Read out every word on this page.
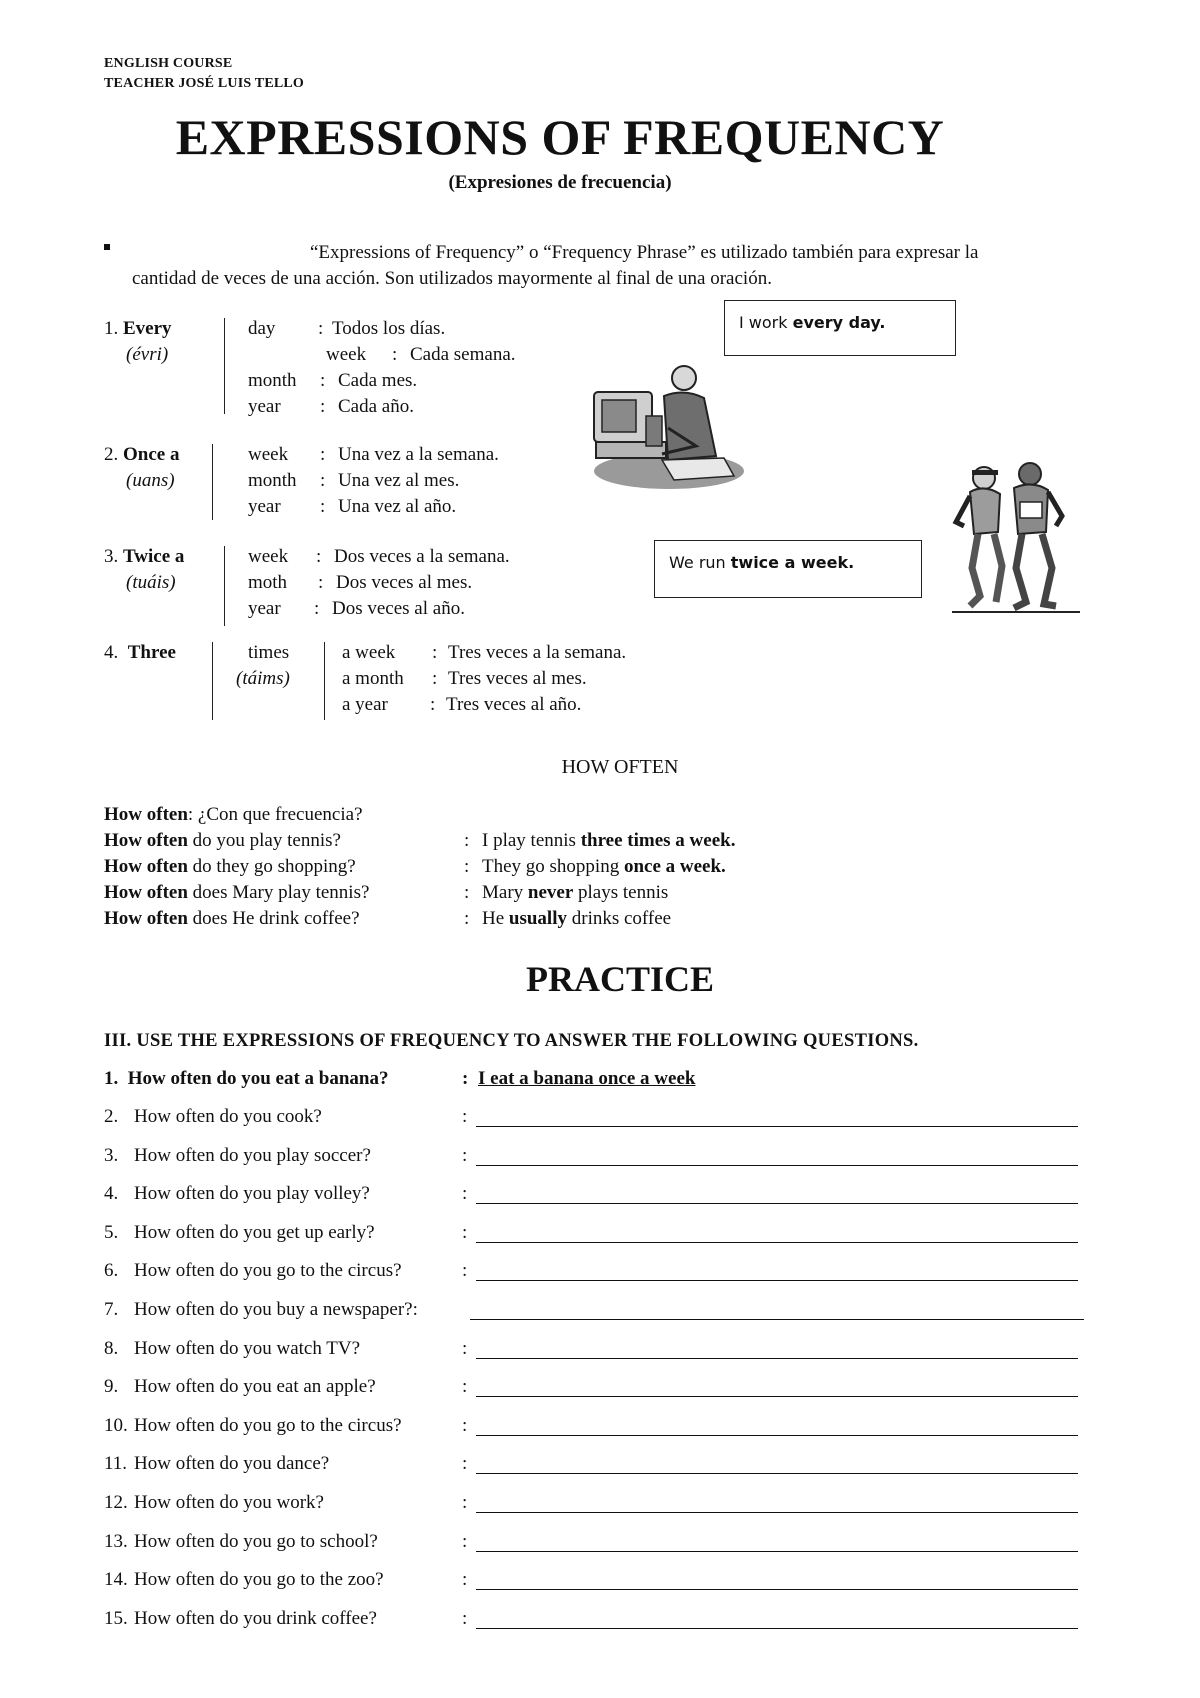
ENGLISH COURSE
TEACHER JOSÉ LUIS TELLO
EXPRESSIONS OF FREQUENCY
(Expresiones de frecuencia)
“Expressions of Frequency” o “Frequency Phrase” es utilizado también para expresar la
cantidad de veces de una acción. Son utilizados mayormente al final de una oración.
1. Every
(évri)
day : Todos los días.
week : Cada semana.
month : Cada mes.
year : Cada año.
2. Once a
(uans)
week : Una vez a la semana.
month : Una vez al mes.
year : Una vez al año.
3. Twice a
(tuáis)
week : Dos veces a la semana.
moth : Dos veces al mes.
year : Dos veces al año.
4. Three	times
(táims)
a week : Tres veces a la semana.
a month : Tres veces al mes.
a year : Tres veces al año.
I work every day.
We run twice a week.
HOW OFTEN
How often: ¿Con que frecuencia?
How often do you play tennis?	: I play tennis three times a week.
How often do they go shopping?	: They go shopping once a week.
How often does Mary play tennis?	: Mary never plays tennis
How often does He drink coffee?	: He usually drinks coffee
PRACTICE
III. USE THE EXPRESSIONS OF FREQUENCY TO ANSWER THE FOLLOWING QUESTIONS.
1. How often do you eat a banana?	: I eat a banana once a week
2. How often do you cook?	:
3. How often do you play soccer?	:
4. How often do you play volley?	:
5. How often do you get up early?	:
6. How often do you go to the circus?	:
7. How often do you buy a newspaper?:
8. How often do you watch TV?	:
9. How often do you eat an apple?	:
10. How often do you go to the circus?	:
11. How often do you dance?	:
12. How often do you work?	:
13. How often do you go to school?	:
14. How often do you go to the zoo?	:
15. How often do you drink coffee?	:
